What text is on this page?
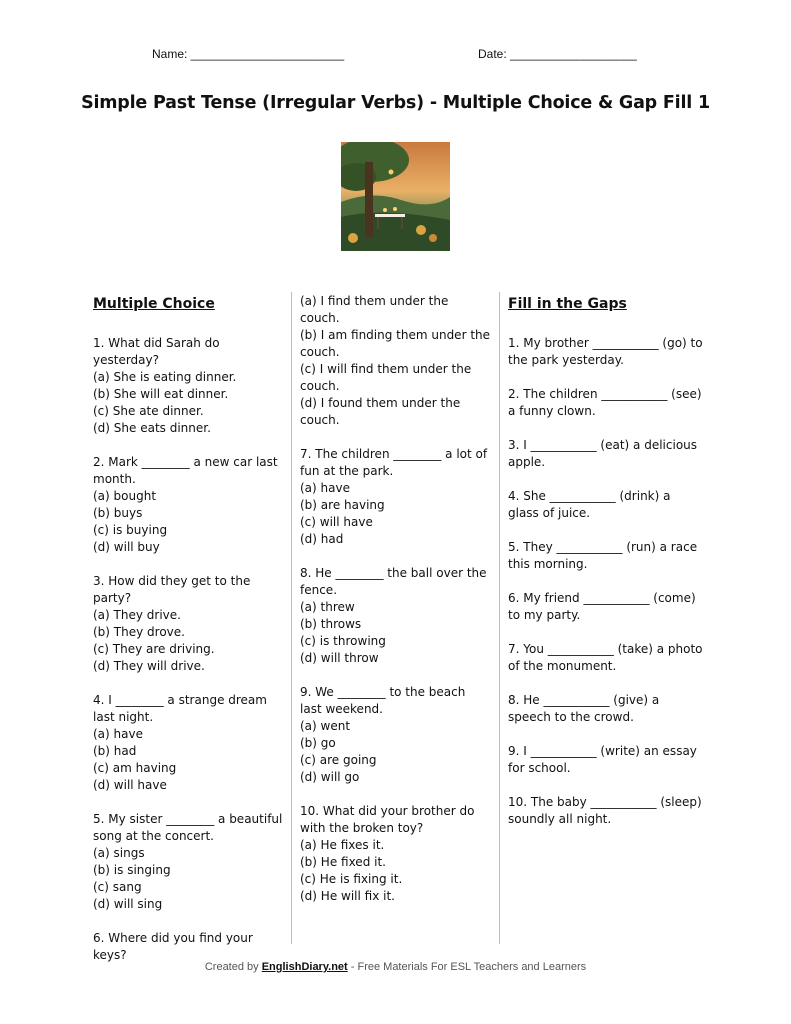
Name: _______________________	Date: ___________________
Simple Past Tense (Irregular Verbs) - Multiple Choice & Gap Fill 1
Multiple Choice
1. What did Sarah do yesterday?
(a) She is eating dinner.
(b) She will eat dinner.
(c) She ate dinner.
(d) She eats dinner.
2. Mark ________ a new car last month.
(a) bought
(b) buys
(c) is buying
(d) will buy
3. How did they get to the party?
(a) They drive.
(b) They drove.
(c) They are driving.
(d) They will drive.
4. I ________ a strange dream last night.
(a) have
(b) had
(c) am having
(d) will have
5. My sister ________ a beautiful song at the concert.
(a) sings
(b) is singing
(c) sang
(d) will sing
6. Where did you find your keys?
(a) I find them under the couch.
(b) I am finding them under the couch.
(c) I will find them under the couch.
(d) I found them under the couch.
7. The children ________ a lot of fun at the park.
(a) have
(b) are having
(c) will have
(d) had
8. He ________ the ball over the fence.
(a) threw
(b) throws
(c) is throwing
(d) will throw
9. We ________ to the beach last weekend.
(a) went
(b) go
(c) are going
(d) will go
10. What did your brother do with the broken toy?
(a) He fixes it.
(b) He fixed it.
(c) He is fixing it.
(d) He will fix it.
Fill in the Gaps
1. My brother ___________ (go) to the park yesterday.
2. The children ___________ (see) a funny clown.
3. I ___________ (eat) a delicious apple.
4. She ___________ (drink) a glass of juice.
5. They ___________ (run) a race this morning.
6. My friend ___________ (come) to my party.
7. You ___________ (take) a photo of the monument.
8. He ___________ (give) a speech to the crowd.
9. I ___________ (write) an essay for school.
10. The baby ___________ (sleep) soundly all night.
Created by EnglishDiary.net - Free Materials For ESL Teachers and Learners
